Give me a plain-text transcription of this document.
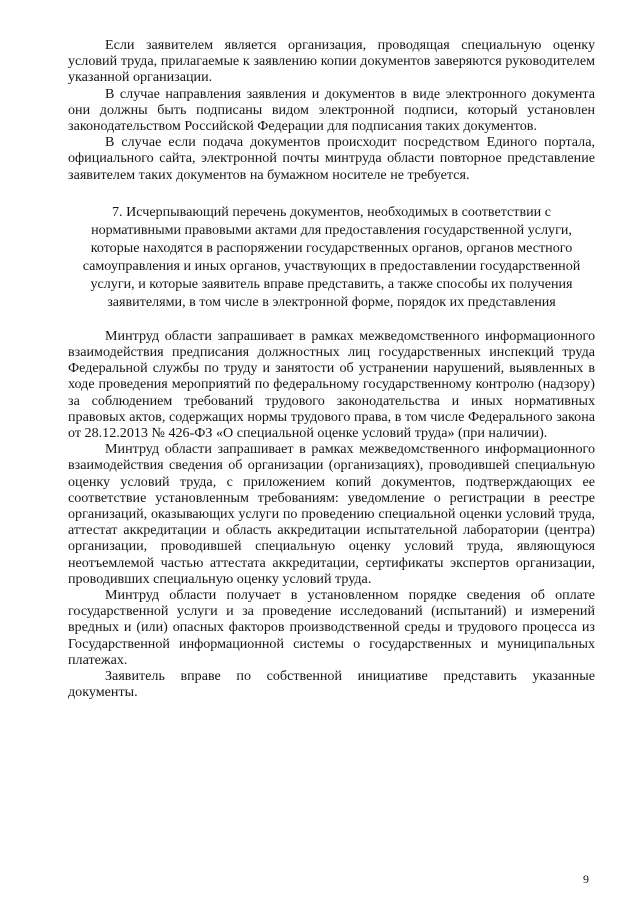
Если заявителем является организация, проводящая специальную оценку условий труда, прилагаемые к заявлению копии документов заверяются руководителем указанной организации.

В случае направления заявления и документов в виде электронного документа они должны быть подписаны видом электронной подписи, который установлен законодательством Российской Федерации для подписания таких документов.

В случае если подача документов происходит посредством Единого портала, официального сайта, электронной почты минтруда области повторное представление заявителем таких документов на бумажном носителе не требуется.

7. Исчерпывающий перечень документов, необходимых в соответствии с нормативными правовыми актами для предоставления государственной услуги, которые находятся в распоряжении государственных органов, органов местного самоуправления и иных органов, участвующих в предоставлении государственной услуги, и которые заявитель вправе представить, а также способы их получения заявителями, в том числе в электронной форме, порядок их представления

Минтруд области запрашивает в рамках межведомственного информационного взаимодействия предписания должностных лиц государственных инспекций труда Федеральной службы по труду и занятости об устранении нарушений, выявленных в ходе проведения мероприятий по федеральному государственному контролю (надзору) за соблюдением требований трудового законодательства и иных нормативных правовых актов, содержащих нормы трудового права, в том числе Федерального закона от 28.12.2013 № 426-ФЗ «О специальной оценке условий труда» (при наличии).

Минтруд области запрашивает в рамках межведомственного информационного взаимодействия сведения об организации (организациях), проводившей специальную оценку условий труда, с приложением копий документов, подтверждающих ее соответствие установленным требованиям: уведомление о регистрации в реестре организаций, оказывающих услуги по проведению специальной оценки условий труда, аттестат аккредитации и область аккредитации испытательной лаборатории (центра) организации, проводившей специальную оценку условий труда, являющуюся неотъемлемой частью аттестата аккредитации, сертификаты экспертов организации, проводивших специальную оценку условий труда.

Минтруд области получает в установленном порядке сведения об оплате государственной услуги и за проведение исследований (испытаний) и измерений вредных и (или) опасных факторов производственной среды и трудового процесса из Государственной информационной системы о государственных и муниципальных платежах.

Заявитель вправе по собственной инициативе представить указанные документы.

9
